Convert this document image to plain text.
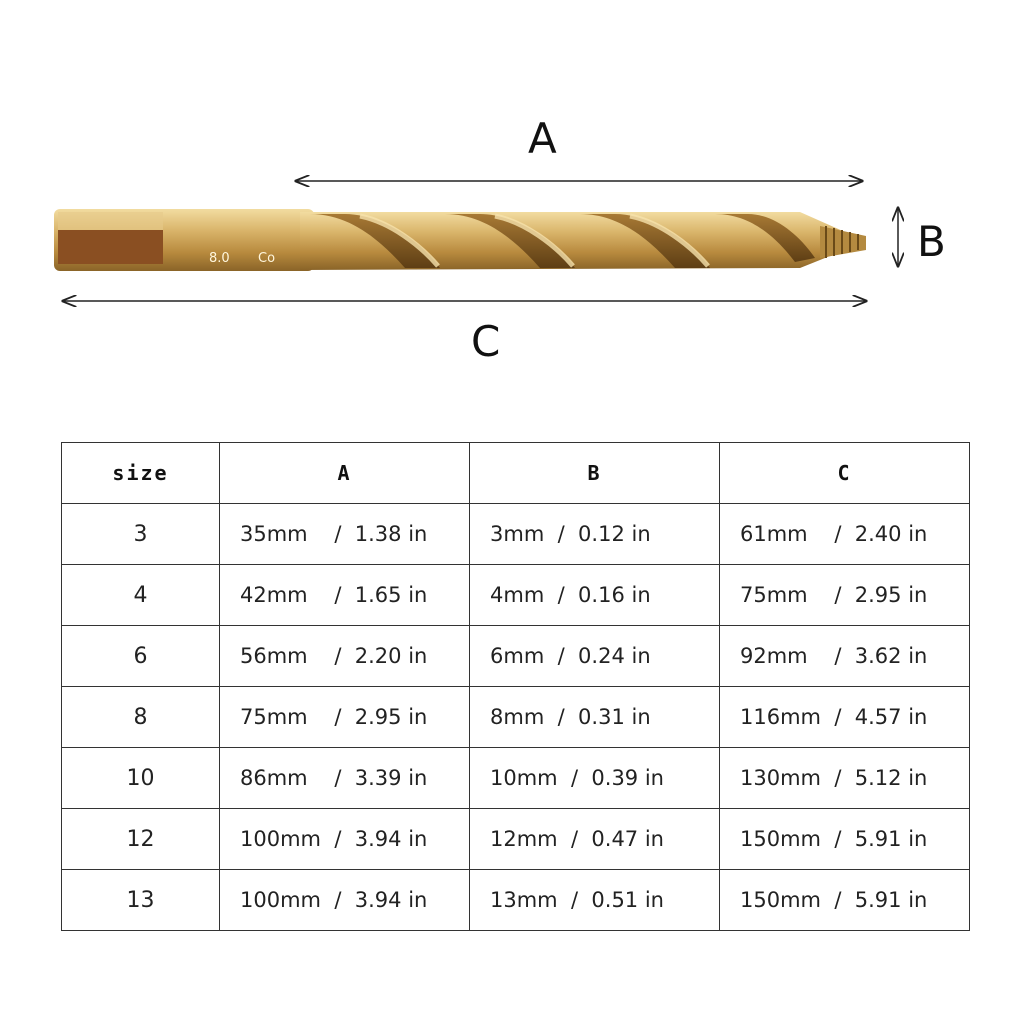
8.0 Co
A
B
C
size	A	B	C
3	35mm    /  1.38 in	3mm  /  0.12 in	61mm    /  2.40 in
4	42mm    /  1.65 in	4mm  /  0.16 in	75mm    /  2.95 in
6	56mm    /  2.20 in	6mm  /  0.24 in	92mm    /  3.62 in
8	75mm    /  2.95 in	8mm  /  0.31 in	116mm  /  4.57 in
10	86mm    /  3.39 in	10mm  /  0.39 in	130mm  /  5.12 in
12	100mm  /  3.94 in	12mm  /  0.47 in	150mm  /  5.91 in
13	100mm  /  3.94 in	13mm  /  0.51 in	150mm  /  5.91 in
